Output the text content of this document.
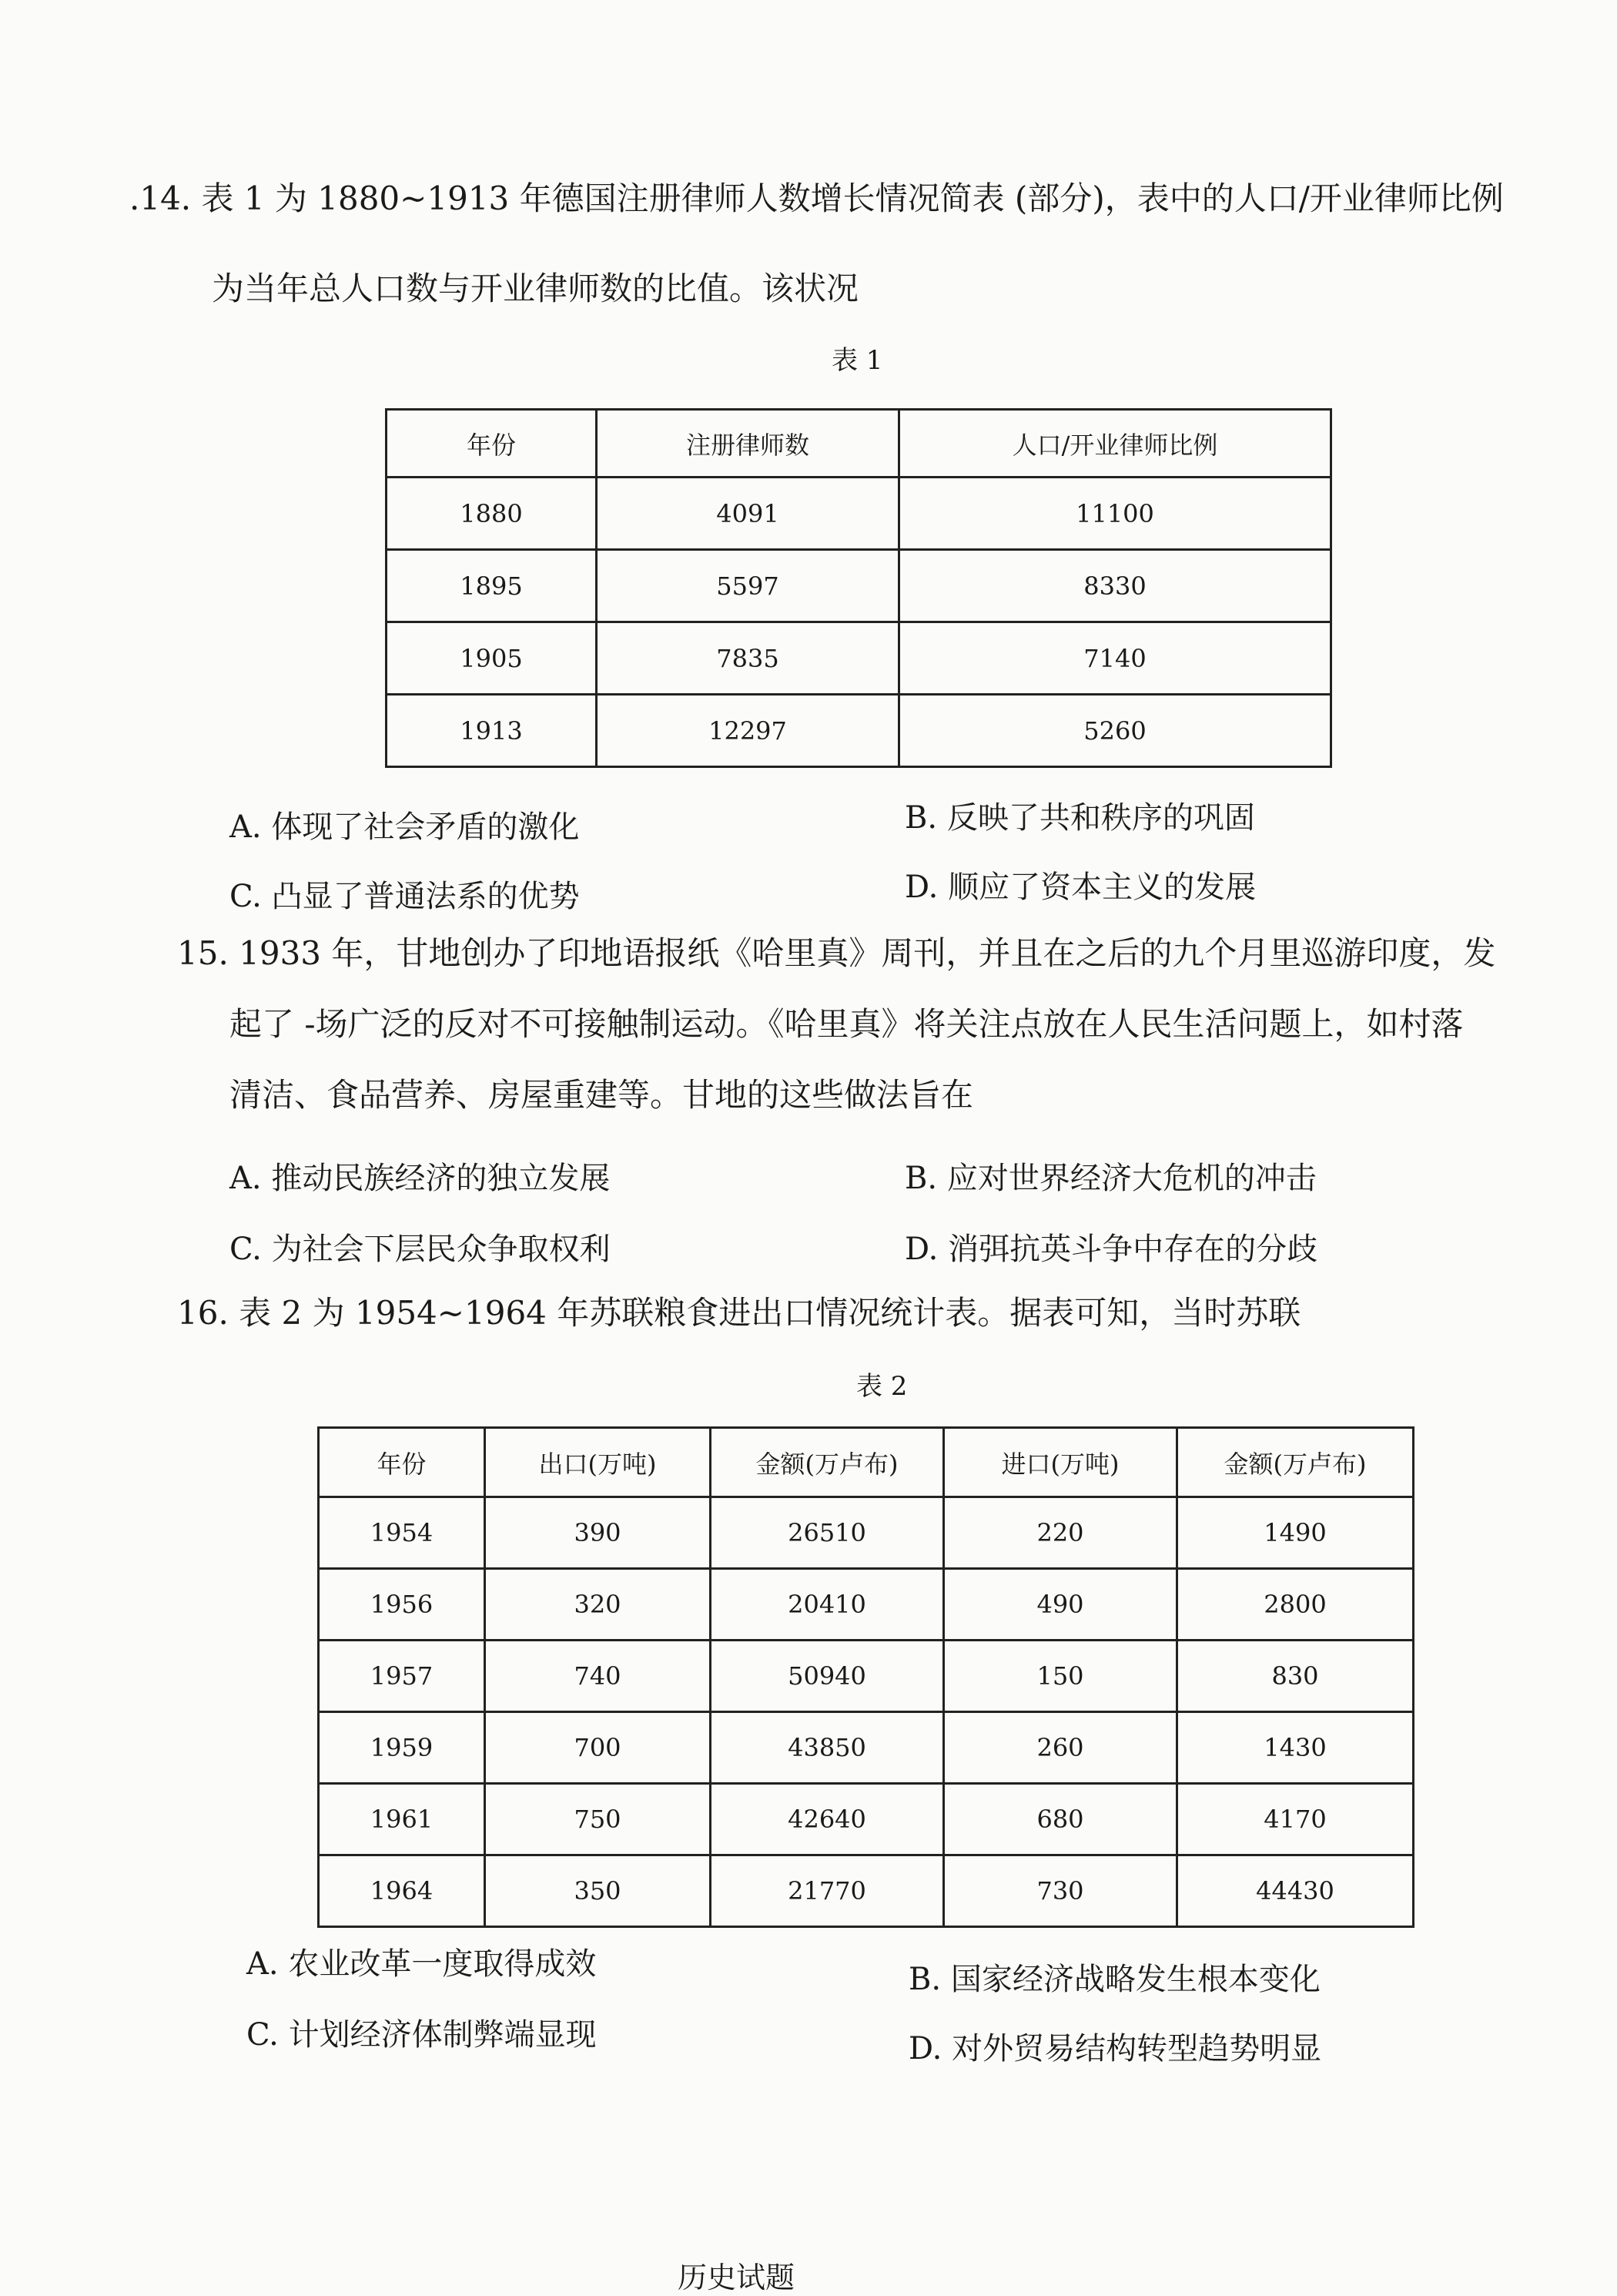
.14. 表 1 为 1880~1913 年德国注册律师人数增长情况简表 (部分)，表中的人口/开业律师比例
为当年总人口数与开业律师数的比值。该状况
表 1
年份	注册律师数	人口/开业律师比例
1880	4091	11100
1895	5597	8330
1905	7835	7140
1913	12297	5260
A. 体现了社会矛盾的激化	B. 反映了共和秩序的巩固
C. 凸显了普通法系的优势	D. 顺应了资本主义的发展
15. 1933 年，甘地创办了印地语报纸《哈里真》周刊，并且在之后的九个月里巡游印度，发
起了 -场广泛的反对不可接触制运动。《哈里真》将关注点放在人民生活问题上，如村落
清洁、食品营养、房屋重建等。甘地的这些做法旨在
A. 推动民族经济的独立发展	B. 应对世界经济大危机的冲击
C. 为社会下层民众争取权利	D. 消弭抗英斗争中存在的分歧
16. 表 2 为 1954~1964 年苏联粮食进出口情况统计表。据表可知，当时苏联
表 2
年份	出口(万吨)	金额(万卢布)	进口(万吨)	金额(万卢布)
1954	390	26510	220	1490
1956	320	20410	490	2800
1957	740	50940	150	830
1959	700	43850	260	1430
1961	750	42640	680	4170
1964	350	21770	730	44430
A. 农业改革一度取得成效	B. 国家经济战略发生根本变化
C. 计划经济体制弊端显现	D. 对外贸易结构转型趋势明显
历史试题
